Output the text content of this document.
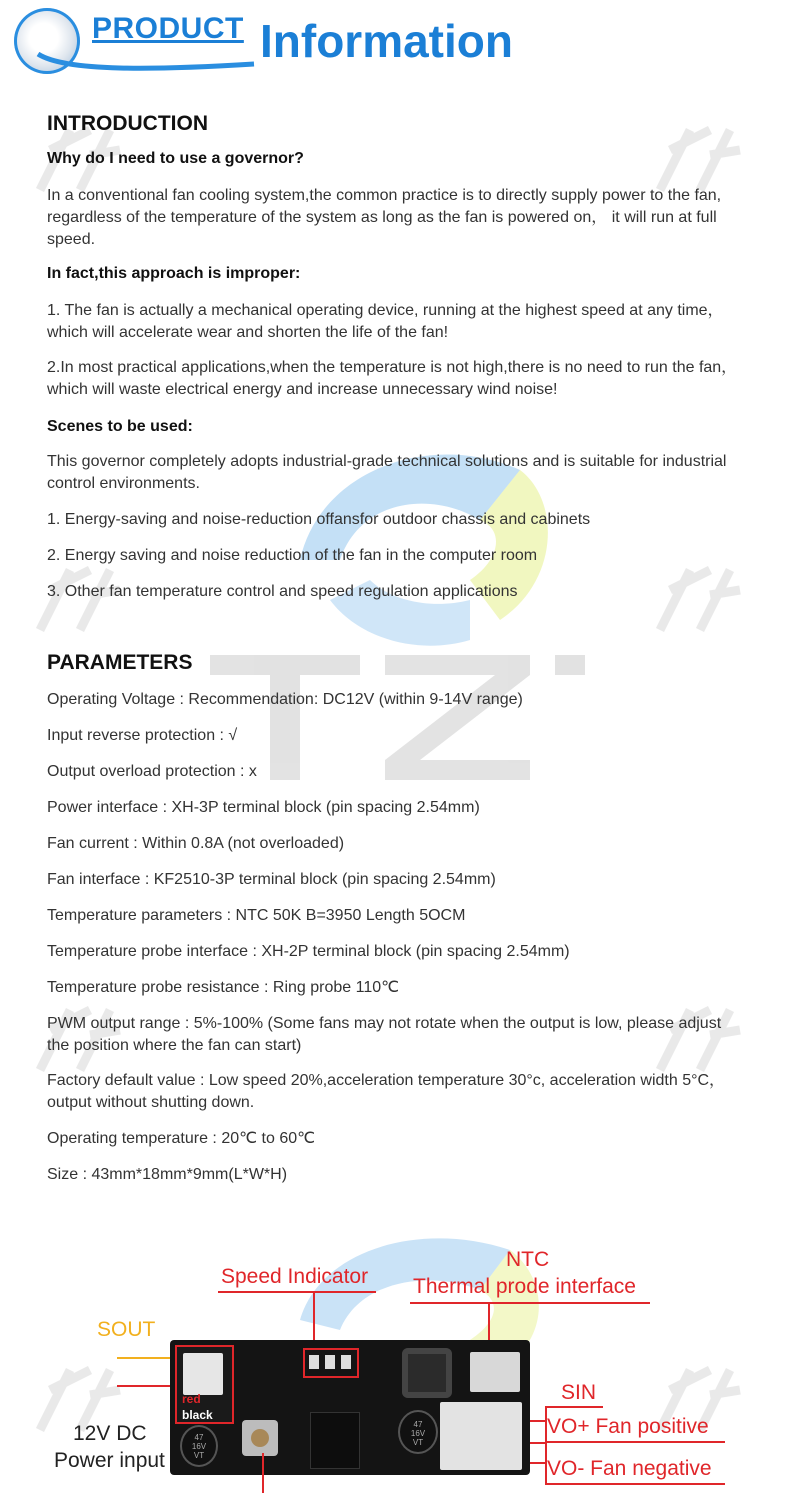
PRODUCT Information
INTRODUCTION

Why do I need to use a governor?

In a conventional fan cooling system,the common practice is to directly supply power to the fan, regardless of the temperature of the system as long as the fan is powered on， it will run at full speed.

In fact,this approach is improper:

1. The fan is actually a mechanical operating device, running at the highest speed at any time， which will accelerate wear and shorten the life of the fan!

2.In most practical applications,when the temperature is not high,there is no need to run the fan， which will waste electrical energy and increase unnecessary wind noise!

Scenes to be used:

This governor completely adopts industrial-grade technical solutions and is suitable for industrial control environments.

1. Energy-saving and noise-reduction offansfor outdoor chassis and cabinets

2. Energy saving and noise reduction of the fan in the computer room

3. Other fan temperature control and speed regulation applications

PARAMETERS

Operating Voltage : Recommendation: DC12V (within 9-14V range)

Input reverse protection : √

Output overload protection : x

Power interface : XH-3P terminal block (pin spacing 2.54mm)

Fan current : Within 0.8A (not overloaded)

Fan interface : KF2510-3P terminal block (pin spacing 2.54mm)

Temperature parameters : NTC 50K B=3950 Length 5OCM

Temperature probe interface : XH-2P terminal block (pin spacing 2.54mm)

Temperature probe resistance : Ring probe 110℃

PWM output range : 5%-100% (Some fans may not rotate when the output is low, please adjust the position where the fan can start)

Factory default value : Low speed 20%,acceleration temperature 30°c, acceleration width 5°C， output without shutting down.

Operating temperature : 20℃ to 60℃

Size : 43mm*18mm*9mm(L*W*H)

Speed Indicator
NTC
Thermal prode interface
SOUT
12V DC
Power input
SIN
VO+ Fan positive
VO- Fan negative
red
black
47
16V
VT
47
16V
VT
